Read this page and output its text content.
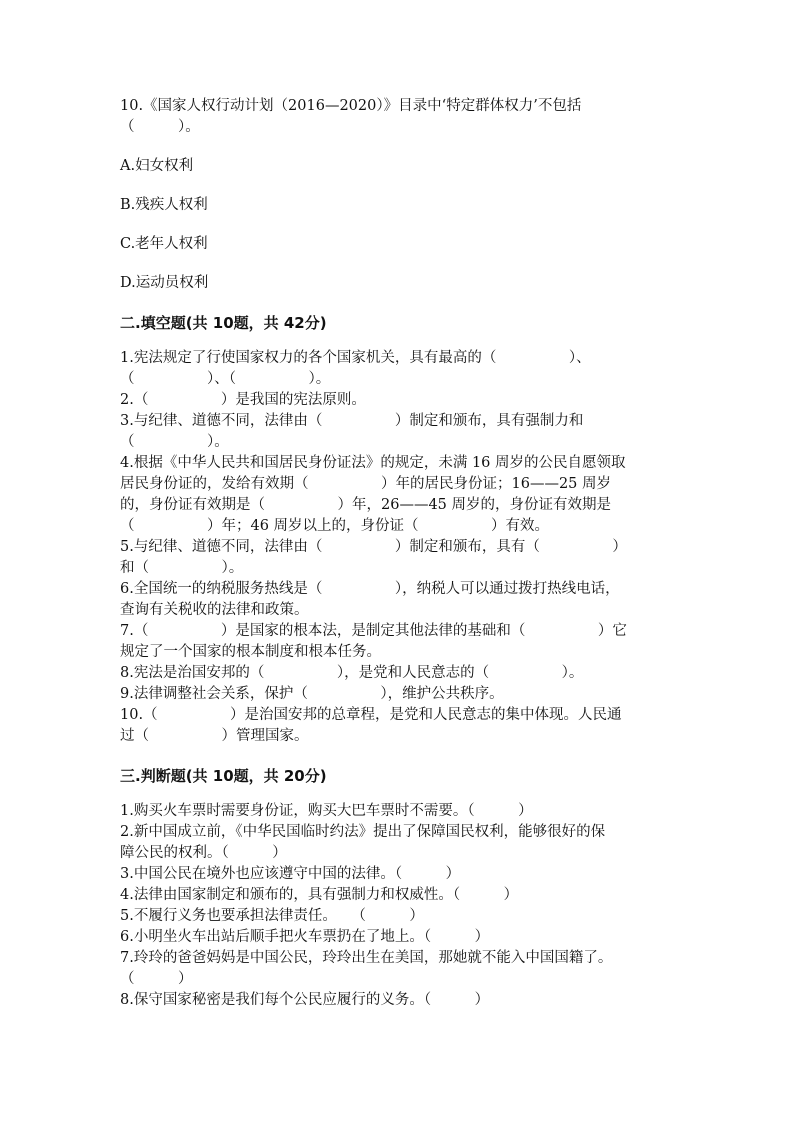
10.《国家人权行动计划（2016—2020）》目录中‘特定群体权力’不包括
（　　　）。
A.妇女权利
B.残疾人权利
C.老年人权利
D.运动员权利
二.填空题(共 10题，共 42分)
1.宪法规定了行使国家权力的各个国家机关，具有最高的（　　　　　）、
（　　　　　）、（　　　　　）。
2.（　　　　　）是我国的宪法原则。
3.与纪律、道德不同，法律由（　　　　　）制定和颁布，具有强制力和
（　　　　　）。
4.根据《中华人民共和国居民身份证法》的规定，未满 16 周岁的公民自愿领取
居民身份证的，发给有效期（　　　　　）年的居民身份证；16——25 周岁
的，身份证有效期是（　　　　　）年，26——45 周岁的，身份证有效期是
（　　　　　）年；46 周岁以上的，身份证（　　　　　）有效。
5.与纪律、道德不同，法律由（　　　　　）制定和颁布，具有（　　　　　）
和（　　　　　）。
6.全国统一的纳税服务热线是（　　　　　），纳税人可以通过拨打热线电话，
查询有关税收的法律和政策。
7.（　　　　　）是国家的根本法，是制定其他法律的基础和（　　　　　）它
规定了一个国家的根本制度和根本任务。
8.宪法是治国安邦的（　　　　　），是党和人民意志的（　　　　　）。
9.法律调整社会关系，保护（　　　　　），维护公共秩序。
10.（　　　　　）是治国安邦的总章程，是党和人民意志的集中体现。人民通
过（　　　　　）管理国家。
三.判断题(共 10题，共 20分)
1.购买火车票时需要身份证，购买大巴车票时不需要。（　　　）
2.新中国成立前，《中华民国临时约法》提出了保障国民权利，能够很好的保
障公民的权利。（　　　）
3.中国公民在境外也应该遵守中国的法律。（　　　）
4.法律由国家制定和颁布的，具有强制力和权威性。（　　　）
5.不履行义务也要承担法律责任。　　（　　　）
6.小明坐火车出站后顺手把火车票扔在了地上。（　　　）
7.玲玲的爸爸妈妈是中国公民，玲玲出生在美国，那她就不能入中国国籍了。
（　　　）
8.保守国家秘密是我们每个公民应履行的义务。（　　　）
